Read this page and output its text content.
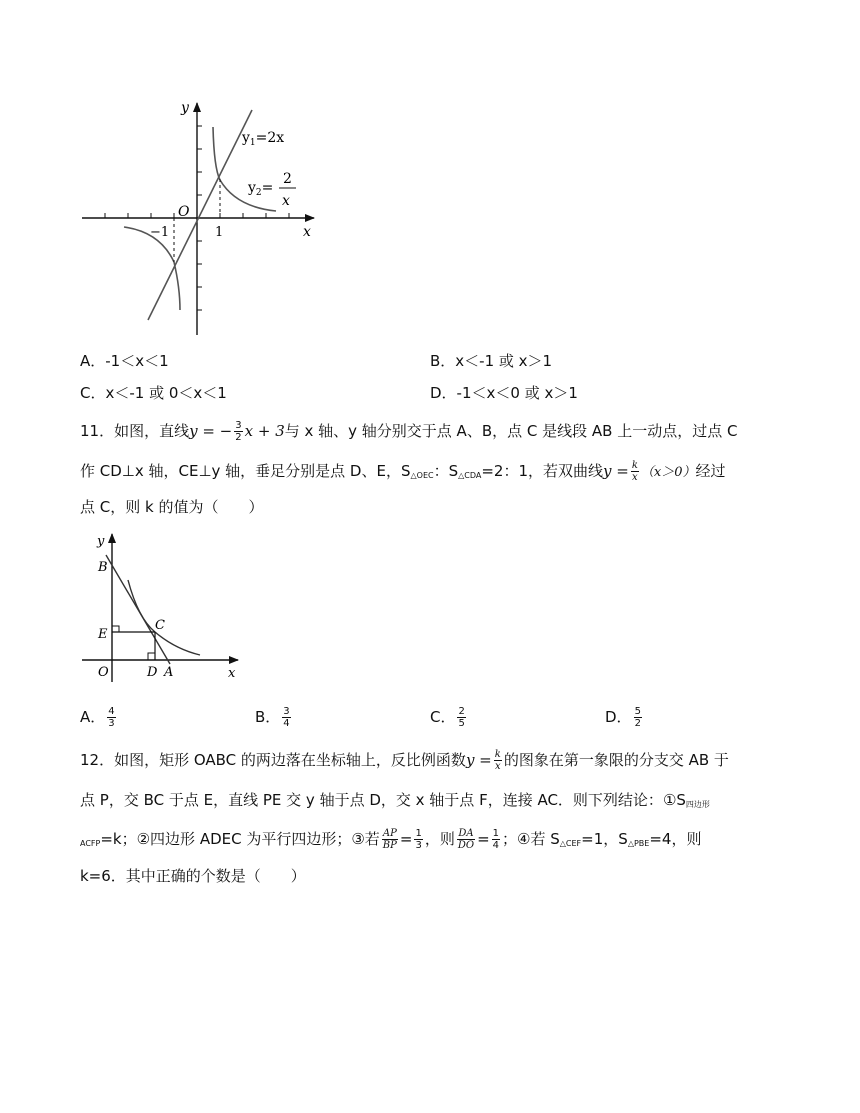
y
x
O
−1	1
$y_1=2x$
$y_2=$
2
x
A．-1＜x＜1	B．x＜-1 或 x＞1
C．x＜-1 或 0＜x＜1	D．-1＜x＜0 或 x＞1
11．如图，直线y = − $\frac{3}{2}$ x + 3与 x 轴、y 轴分别交于点 A、B，点 C 是线段 AB 上一动点，过点 C
作 CD⊥x 轴，CE⊥y 轴，垂足分别是点 D、E，$S_{\triangle OEC}$：$S_{\triangle CDA}=2$：1，若双曲线$y = \frac{k}{x} (x>0)$经过
点 C，则 k 的值为（　　）
y
x
B
E
C
O	D A
A． $\frac{4}{3}$	B． $\frac{3}{4}$	C． $\frac{2}{5}$	D． $\frac{5}{2}$
12．如图，矩形 OABC 的两边落在坐标轴上，反比例函数$y = \frac{k}{x}$ 的图象在第一象限的分支交 AB 于
点 P，交 BC 于点 E，直线 PE 交 y 轴于点 D，交 x 轴于点 F，连接 AC．则下列结论：$①S_{四边形}$
$_{ACFP}$=k；②四边形 ADEC 为平行四边形；③若 $\frac{AP}{BP} = \frac{1}{3}$ ，则 $\frac{DA}{DO} = \frac{1}{4}$ ；④若 $S_{\triangle CEF}=1$，$S_{\triangle PBE}=4$，则
k=6．其中正确的个数是（　　）
